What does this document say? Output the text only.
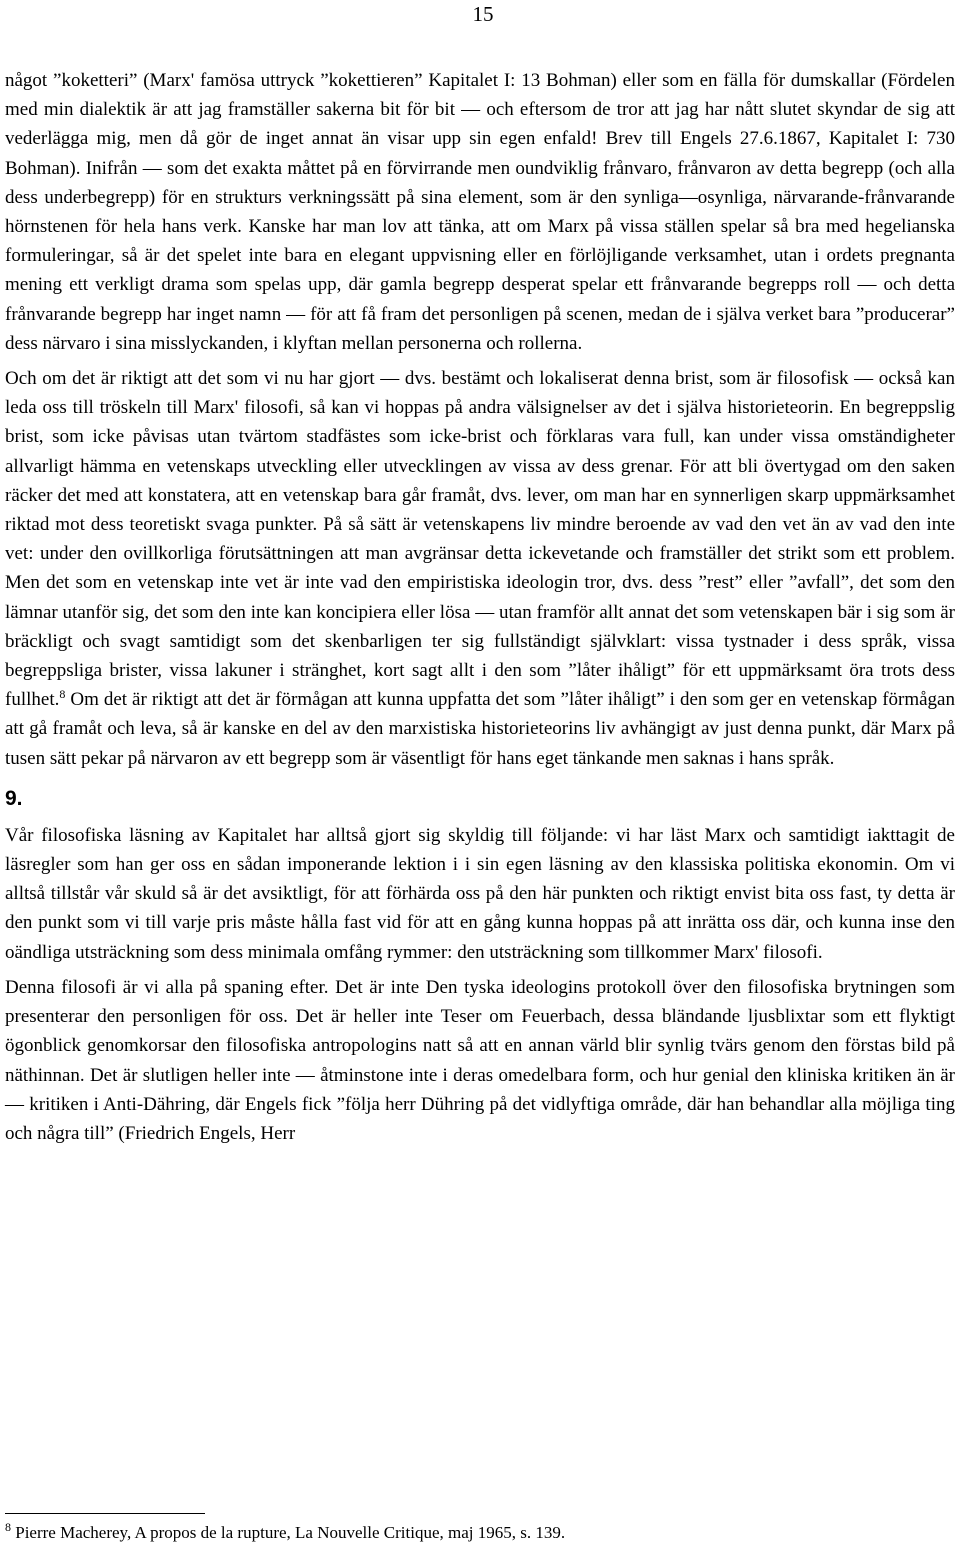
15

något ”koketteri” (Marx' famösa uttryck ”kokettieren” Kapitalet I: 13 Bohman) eller som en fälla för dumskallar (Fördelen med min dialektik är att jag framställer sakerna bit för bit — och eftersom de tror att jag har nått slutet skyndar de sig att vederlägga mig, men då gör de inget annat än visar upp sin egen enfald! Brev till Engels 27.6.1867, Kapitalet I: 730 Bohman). Inifrån — som det exakta måttet på en förvirrande men oundviklig frånvaro, frånvaron av detta begrepp (och alla dess underbegrepp) för en strukturs verkningssätt på sina element, som är den synliga—osynliga, närvarande-frånvarande hörnstenen för hela hans verk. Kanske har man lov att tänka, att om Marx på vissa ställen spelar så bra med hegelianska formuleringar, så är det spelet inte bara en elegant uppvisning eller en förlöjligande verksamhet, utan i ordets pregnanta mening ett verkligt drama som spelas upp, där gamla begrepp desperat spelar ett frånvarande begrepps roll — och detta frånvarande begrepp har inget namn — för att få fram det personligen på scenen, medan de i själva verket bara ”producerar” dess närvaro i sina misslyckanden, i klyftan mellan personerna och rollerna.

Och om det är riktigt att det som vi nu har gjort — dvs. bestämt och lokaliserat denna brist, som är filosofisk — också kan leda oss till tröskeln till Marx' filosofi, så kan vi hoppas på andra välsignelser av det i själva historieteorin. En begreppslig brist, som icke påvisas utan tvärtom stadfästes som icke-brist och förklaras vara full, kan under vissa omständigheter allvarligt hämma en vetenskaps utveckling eller utvecklingen av vissa av dess grenar. För att bli övertygad om den saken räcker det med att konstatera, att en vetenskap bara går framåt, dvs. lever, om man har en synnerligen skarp uppmärksamhet riktad mot dess teoretiskt svaga punkter. På så sätt är vetenskapens liv mindre beroende av vad den vet än av vad den inte vet: under den ovillkorliga förutsättningen att man avgränsar detta ickevetande och framställer det strikt som ett problem. Men det som en vetenskap inte vet är inte vad den empiristiska ideologin tror, dvs. dess ”rest” eller ”avfall”, det som den lämnar utanför sig, det som den inte kan koncipiera eller lösa — utan framför allt annat det som vetenskapen bär i sig som är bräckligt och svagt samtidigt som det skenbarligen ter sig fullständigt självklart: vissa tystnader i dess språk, vissa begreppsliga brister, vissa lakuner i stränghet, kort sagt allt i den som ”låter ihåligt” för ett uppmärksamt öra trots dess fullhet.$^8$ Om det är riktigt att det är förmågan att kunna uppfatta det som ”låter ihåligt” i den som ger en vetenskap förmågan att gå framåt och leva, så är kanske en del av den marxistiska historieteorins liv avhängigt av just denna punkt, där Marx på tusen sätt pekar på närvaron av ett begrepp som är väsentligt för hans eget tänkande men saknas i hans språk.

9.

Vår filosofiska läsning av Kapitalet har alltså gjort sig skyldig till följande: vi har läst Marx och samtidigt iakttagit de läsregler som han ger oss en sådan imponerande lektion i i sin egen läsning av den klassiska politiska ekonomin. Om vi alltså tillstår vår skuld så är det avsiktligt, för att förhärda oss på den här punkten och riktigt envist bita oss fast, ty detta är den punkt som vi till varje pris måste hålla fast vid för att en gång kunna hoppas på att inrätta oss där, och kunna inse den oändliga utsträckning som dess minimala omfång rymmer: den utsträckning som tillkommer Marx' filosofi.

Denna filosofi är vi alla på spaning efter. Det är inte Den tyska ideologins protokoll över den filosofiska brytningen som presenterar den personligen för oss. Det är heller inte Teser om Feuerbach, dessa bländande ljusblixtar som ett flyktigt ögonblick genomkorsar den filosofiska antropologins natt så att en annan värld blir synlig tvärs genom den förstas bild på näthinnan. Det är slutligen heller inte — åtminstone inte i deras omedelbara form, och hur genial den kliniska kritiken än är — kritiken i Anti-Dähring, där Engels fick ”följa herr Dühring på det vidlyftiga område, där han behandlar alla möjliga ting och några till” (Friedrich Engels, Herr

$^8$ Pierre Macherey, A propos de la rupture, La Nouvelle Critique, maj 1965, s. 139.
